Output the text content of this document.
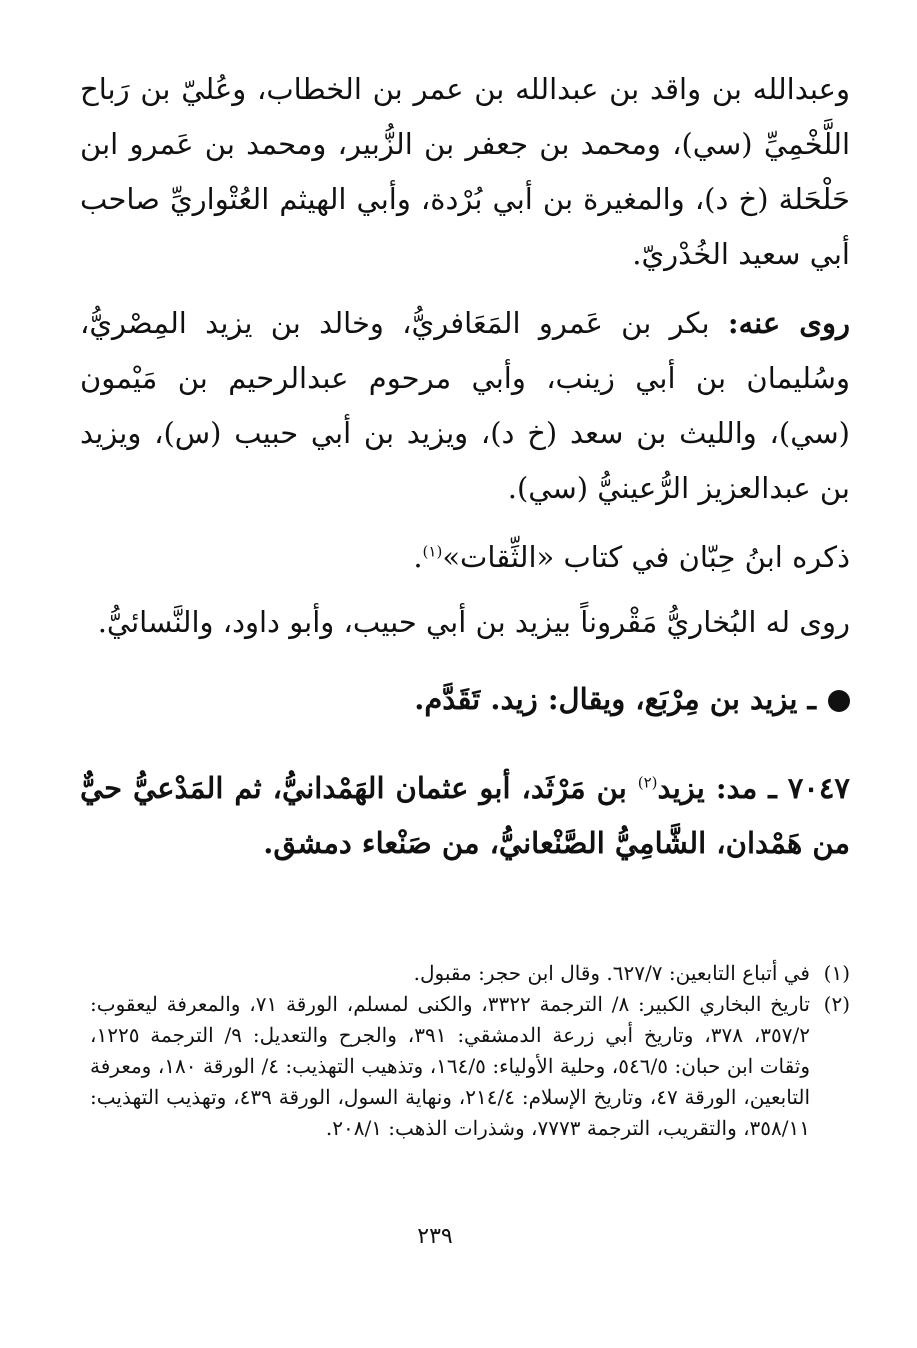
وعبدالله بن واقد بن عبدالله بن عمر بن الخطاب، وعُليّ بن رَباح اللَّخْمِيِّ (سي)، ومحمد بن جعفر بن الزُّبير، ومحمد بن عَمرو ابن حَلْحَلة (خ د)، والمغيرة بن أبي بُرْدة، وأبي الهيثم العُتْواريِّ صاحب أبي سعيد الخُدْريّ.

روى عنه: بكر بن عَمرو المَعَافريُّ، وخالد بن يزيد المِصْريُّ، وسُليمان بن أبي زينب، وأبي مرحوم عبدالرحيم بن مَيْمون (سي)، والليث بن سعد (خ د)، ويزيد بن أبي حبيب (س)، ويزيد بن عبدالعزيز الرُّعينيُّ (سي).

ذكره ابنُ حِبّان في كتاب «الثِّقات»$^{(١)}$.

روى له البُخاريُّ مَقْروناً بيزيد بن أبي حبيب، وأبو داود، والنَّسائيُّ.

ـ يزيد بن مِرْبَع، ويقال: زيد. تَقَدَّم.

٧٠٤٧ ـ مد: يزيد$^{(٢)}$ بن مَرْثَد، أبو عثمان الهَمْدانيُّ، ثم المَدْعيُّ حيٌّ من هَمْدان، الشَّامِيُّ الصَّنْعانيُّ، من صَنْعاء دمشق.

(١)
في أتباع التابعين: ٦٢٧/٧. وقال ابن حجر: مقبول.
(٢)
تاريخ البخاري الكبير: ٨/ الترجمة ٣٣٢٢، والكنى لمسلم، الورقة ٧١، والمعرفة ليعقوب: ٣٥٧/٢، ٣٧٨، وتاريخ أبي زرعة الدمشقي: ٣٩١، والجرح والتعديل: ٩/ الترجمة ١٢٢٥، وثقات ابن حبان: ٥٤٦/٥، وحلية الأولياء: ١٦٤/٥، وتذهيب التهذيب: ٤/ الورقة ١٨٠، ومعرفة التابعين، الورقة ٤٧، وتاريخ الإسلام: ٢١٤/٤، ونهاية السول، الورقة ٤٣٩، وتهذيب التهذيب: ٣٥٨/١١، والتقريب، الترجمة ٧٧٧٣، وشذرات الذهب: ٢٠٨/١.
٢٣٩
